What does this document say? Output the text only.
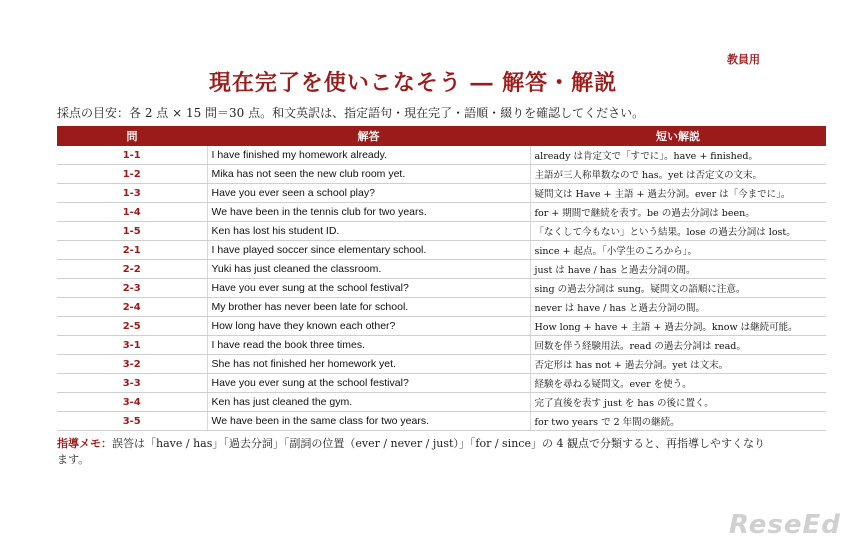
教員用
現在完了を使いこなそう ― 解答・解説
採点の目安：各 2 点 × 15 問＝30 点。和文英訳は、指定語句・現在完了・語順・綴りを確認してください。
問	解答	短い解説
1-1	I have finished my homework already.	already は肯定文で「すでに」。have + finished。
1-2	Mika has not seen the new club room yet.	主語が三人称単数なので has。yet は否定文の文末。
1-3	Have you ever seen a school play?	疑問文は Have + 主語 + 過去分詞。ever は「今までに」。
1-4	We have been in the tennis club for two years.	for + 期間で継続を表す。be の過去分詞は been。
1-5	Ken has lost his student ID.	「なくして今もない」という結果。lose の過去分詞は lost。
2-1	I have played soccer since elementary school.	since + 起点。「小学生のころから」。
2-2	Yuki has just cleaned the classroom.	just は have / has と過去分詞の間。
2-3	Have you ever sung at the school festival?	sing の過去分詞は sung。疑問文の語順に注意。
2-4	My brother has never been late for school.	never は have / has と過去分詞の間。
2-5	How long have they known each other?	How long + have + 主語 + 過去分詞。know は継続可能。
3-1	I have read the book three times.	回数を伴う経験用法。read の過去分詞は read。
3-2	She has not finished her homework yet.	否定形は has not + 過去分詞。yet は文末。
3-3	Have you ever sung at the school festival?	経験を尋ねる疑問文。ever を使う。
3-4	Ken has just cleaned the gym.	完了直後を表す just を has の後に置く。
3-5	We have been in the same class for two years.	for two years で 2 年間の継続。
指導メモ：誤答は「have / has」「過去分詞」「副詞の位置（ever / never / just）」「for / since」の 4 観点で分類すると、再指導しやすくなります。
ReseEd
